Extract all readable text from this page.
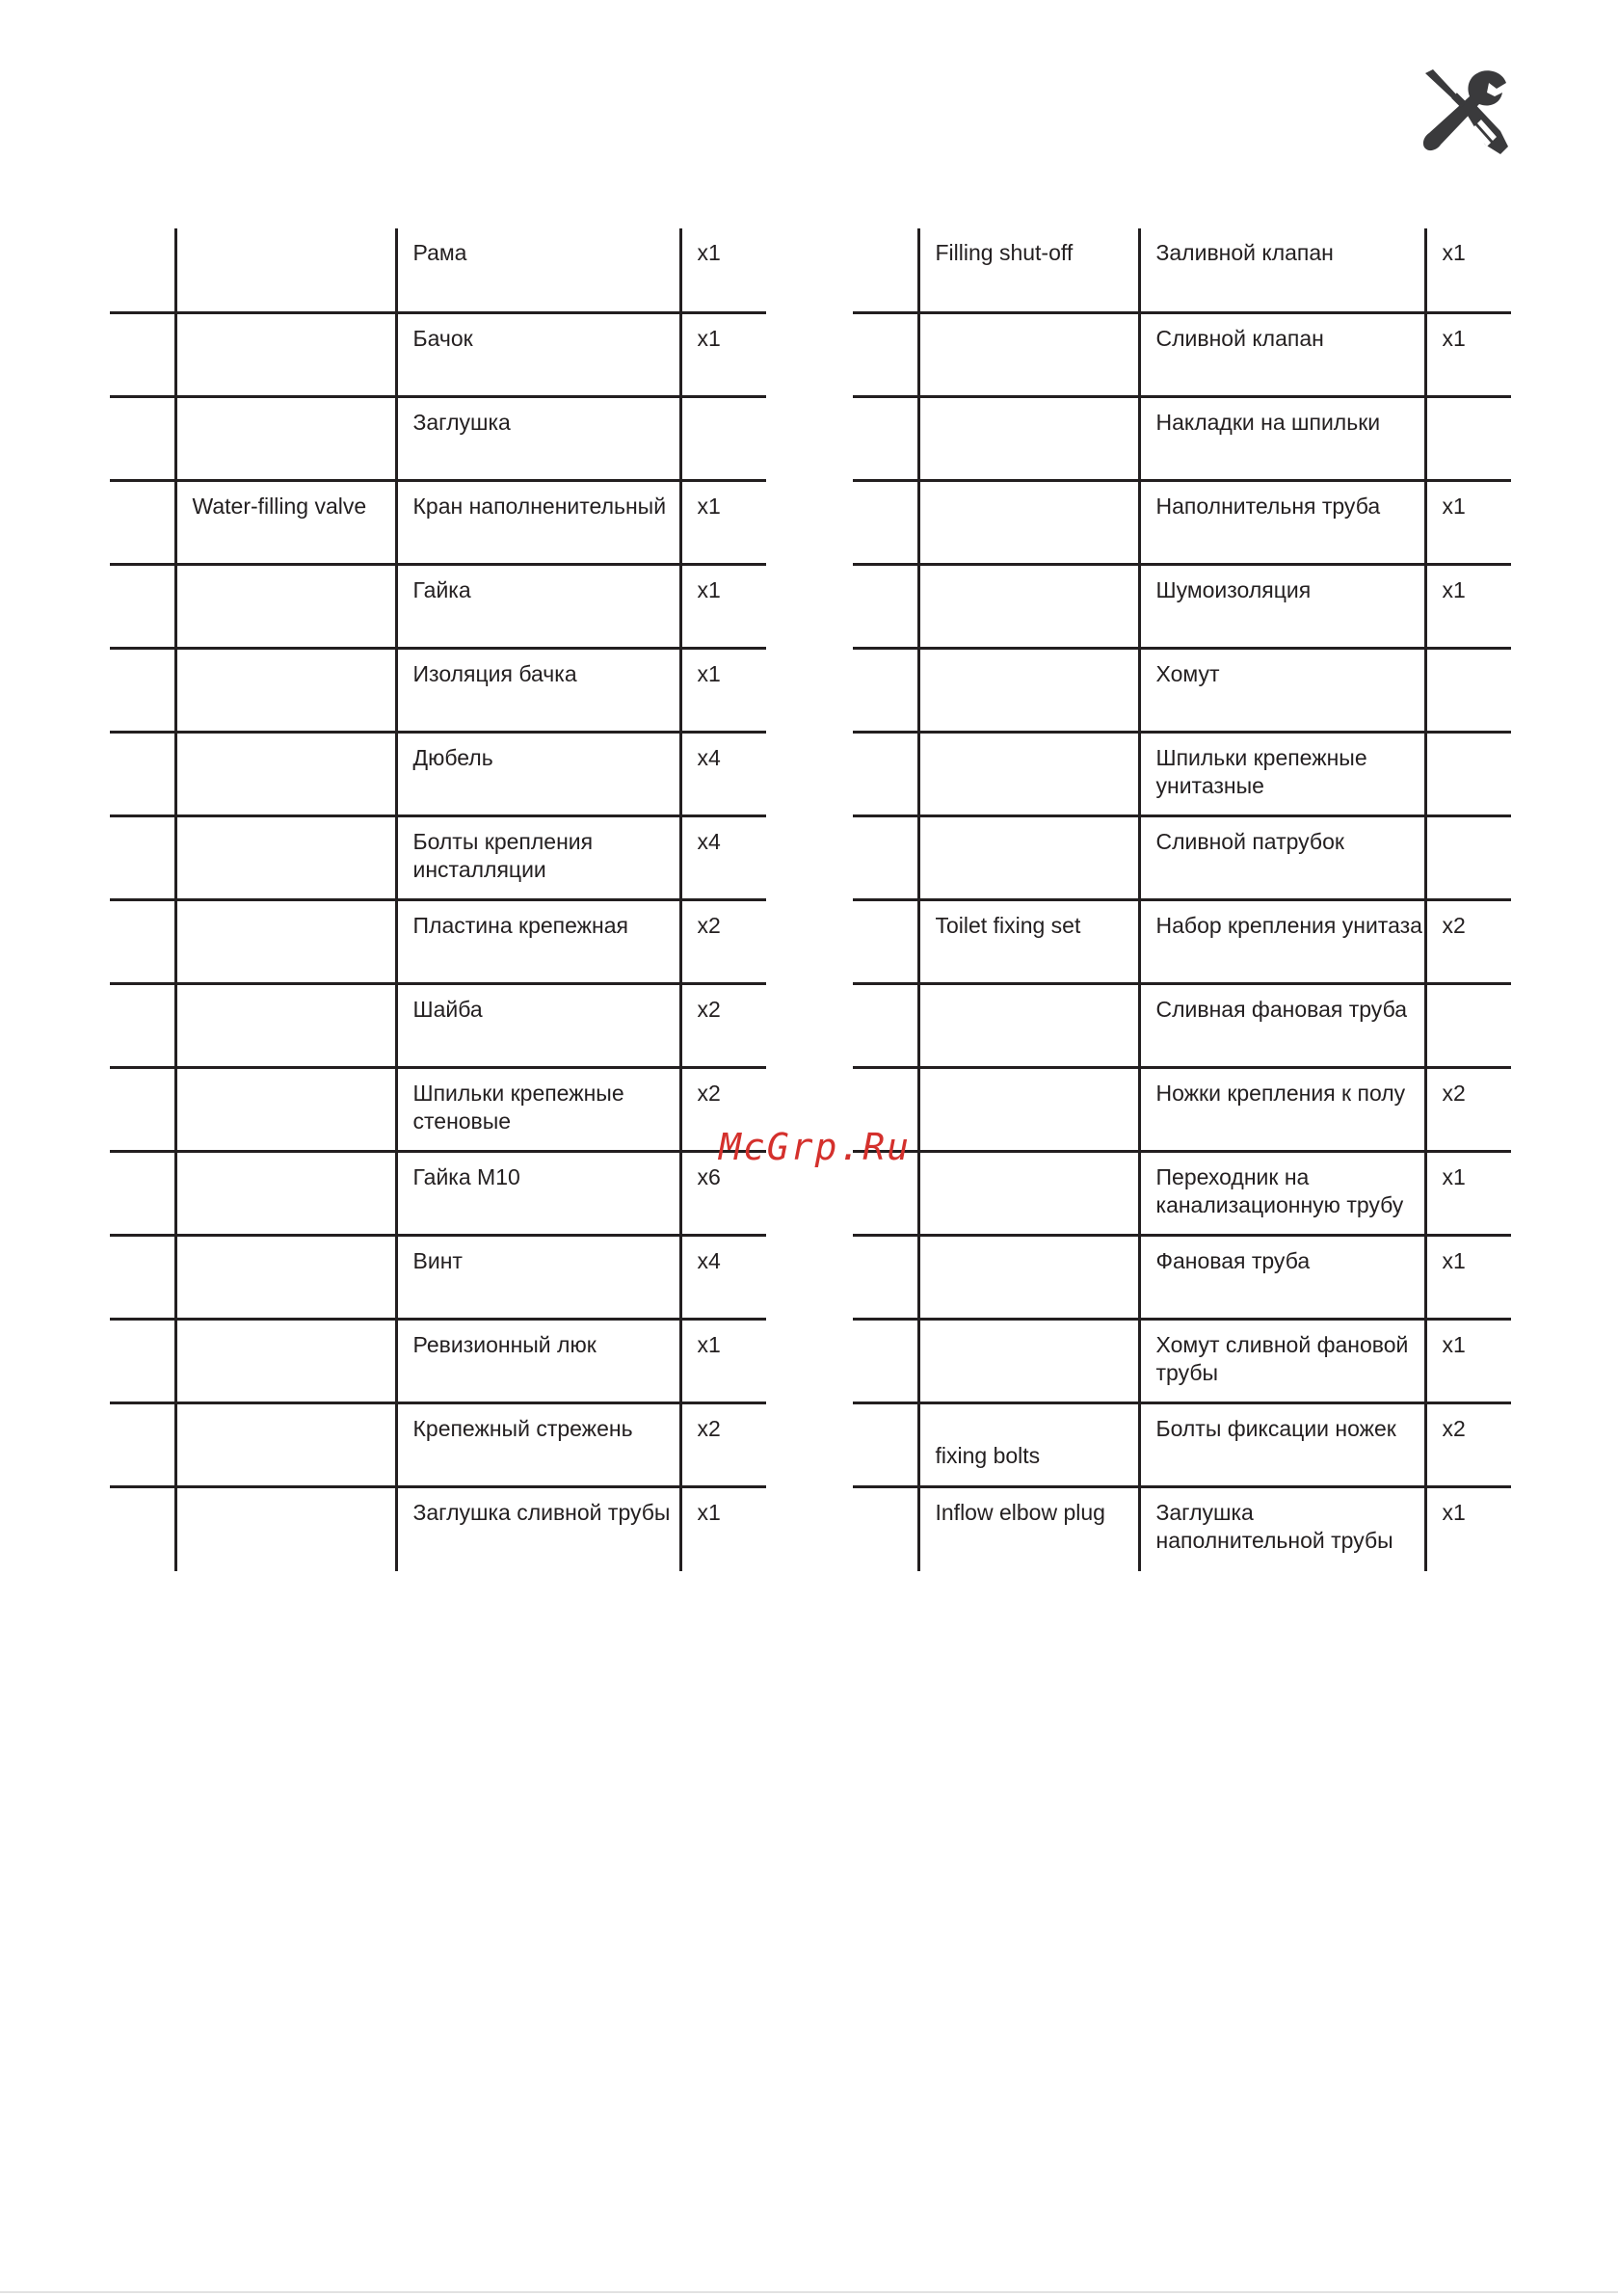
		Рама	x1
		Бачок	x1
		Заглушка	
	Water-filling valve	Кран наполненительный	x1
		Гайка	x1
		Изоляция бачка	x1
		Дюбель	x4
		Болты крепления инсталляции	x4
		Пластина крепежная	x2
		Шайба	x2
		Шпильки крепежные стеновые	x2
		Гайка М10	x6
		Винт	x4
		Ревизионный люк	x1
		Крепежный стрежень	x2
		Заглушка сливной трубы	x1
	Filling shut-off	Заливной клапан	x1
		Сливной клапан	x1
		Накладки на шпильки	
		Наполнительня труба	x1
		Шумоизоляция	x1
		Хомут	
		Шпильки крепежные унитазные	
		Сливной патрубок	
	Toilet fixing set	Набор крепления унитаза	x2
		Сливная фановая труба	
		Ножки крепления к полу	x2
		Переходник на канализационную трубу	x1
		Фановая труба	x1
		Хомут сливной фановой трубы	x1
	fixing bolts	Болты фиксации ножек	x2
	Inflow elbow plug	Заглушка наполнительной трубы	x1
McGrp.Ru
